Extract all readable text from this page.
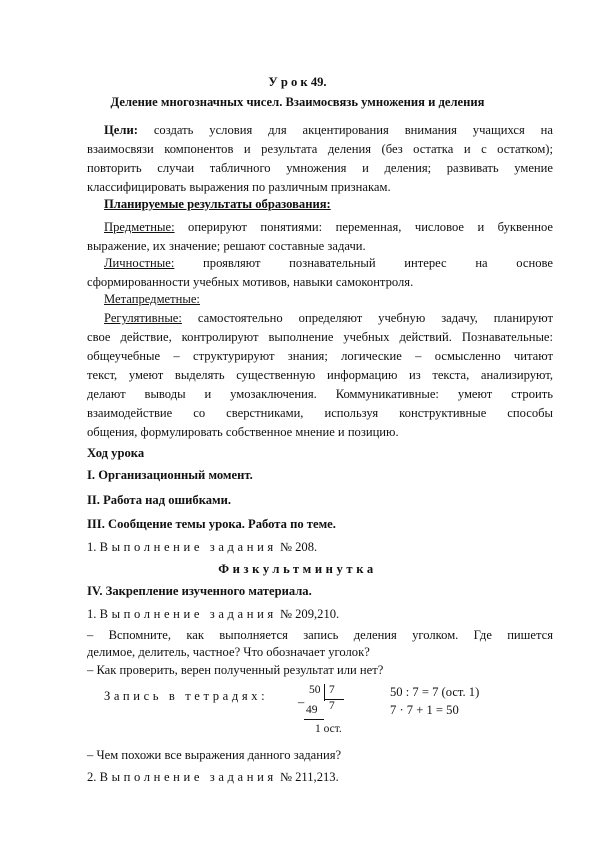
У р о к 49.
Деление многозначных чисел. Взаимосвязь умножения и деления
Цели: создать условия для акцентирования внимания учащихся на
взаимосвязи компонентов и результата деления (без остатка и с остатком);
повторить случаи табличного умножения и деления; развивать умение
классифицировать выражения по различным признакам.
Планируемые результаты образования:
Предметные: оперируют понятиями: переменная, числовое и буквенное
выражение, их значение; решают составные задачи.
Личностные: проявляют познавательный интерес на основе
сформированности учебных мотивов, навыки самоконтроля.
Метапредметные:
Регулятивные: самостоятельно определяют учебную задачу, планируют
свое действие, контролируют выполнение учебных действий. Познавательные:
общеучебные – структурируют знания; логические – осмысленно читают
текст, умеют выделять существенную информацию из текста, анализируют,
делают выводы и умозаключения. Коммуникативные: умеют строить
взаимодействие со сверстниками, используя конструктивные способы
общения, формулировать собственное мнение и позицию.
Ход урока
I. Организационный момент.
II. Работа над ошибками.
III. Сообщение темы урока. Работа по теме.
1. Выполнение задания № 208.
Физкультминутка
IV. Закрепление изученного материала.
1. Выполнение задания № 209,210.
– Вспомните, как выполняется запись деления уголком. Где пишется
делимое, делитель, частное? Что обозначает уголок?
– Как проверить, верен полученный результат или нет?
Запись в тетрадях: –
50 7
7
49
1 ост.
50 : 7 = 7 (ост. 1)
7 · 7 + 1 = 50
– Чем похожи все выражения данного задания?
2. Выполнение задания № 211,213.
